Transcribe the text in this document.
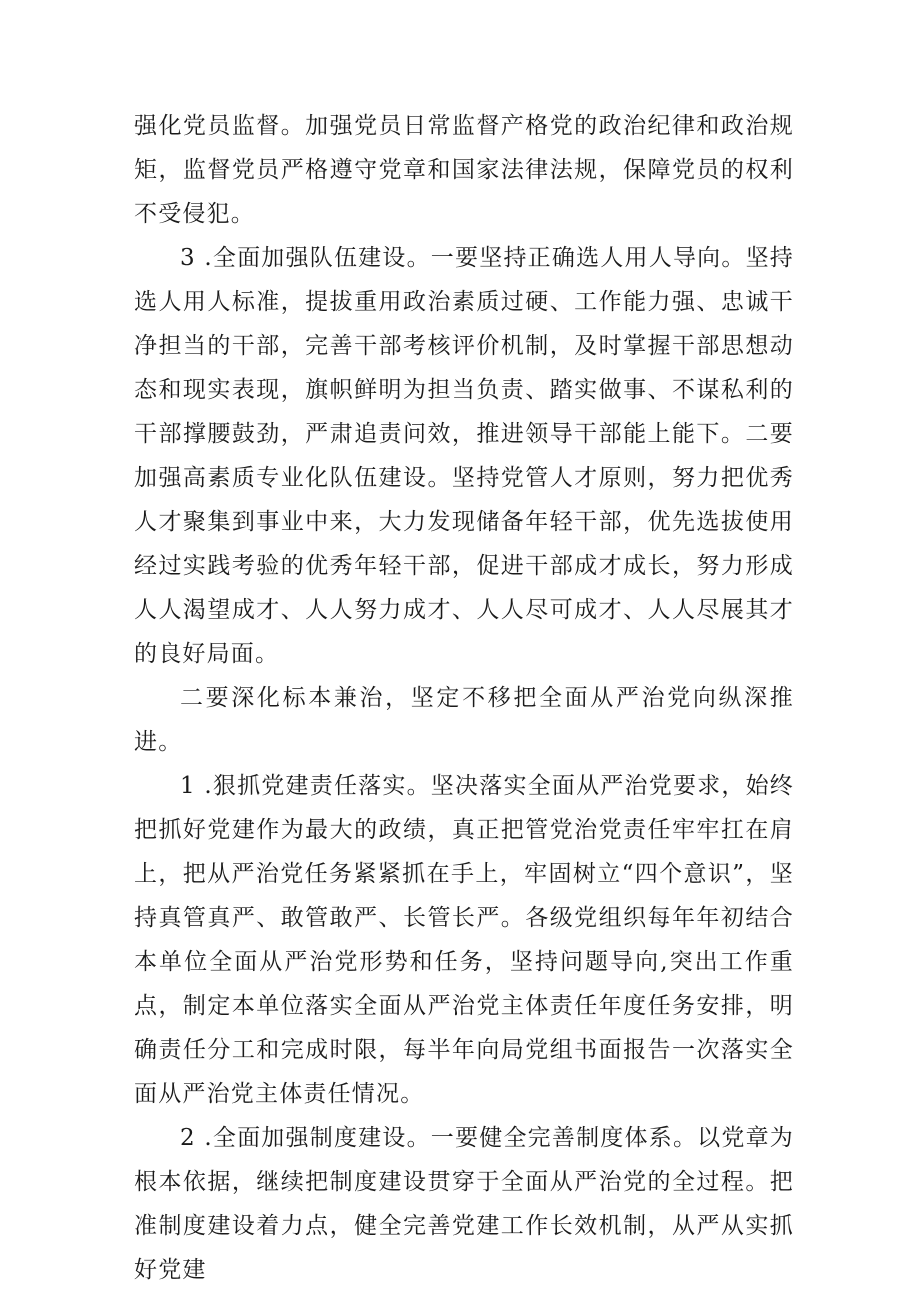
强化党员监督。加强党员日常监督产格党的政治纪律和政治规矩，监督党员严格遵守党章和国家法律法规，保障党员的权利不受侵犯。

3 .全面加强队伍建设。一要坚持正确选人用人导向。坚持选人用人标准，提拔重用政治素质过硬、工作能力强、忠诚干净担当的干部，完善干部考核评价机制，及时掌握干部思想动态和现实表现，旗帜鲜明为担当负责、踏实做事、不谋私利的干部撑腰鼓劲，严肃追责问效，推进领导干部能上能下。二要加强高素质专业化队伍建设。坚持党管人才原则，努力把优秀人才聚集到事业中来，大力发现储备年轻干部，优先选拔使用经过实践考验的优秀年轻干部，促进干部成才成长，努力形成人人渴望成才、人人努力成才、人人尽可成才、人人尽展其才的良好局面。

二要深化标本兼治，坚定不移把全面从严治党向纵深推进。

1 .狠抓党建责任落实。坚决落实全面从严治党要求，始终把抓好党建作为最大的政绩，真正把管党治党责任牢牢扛在肩上，把从严治党任务紧紧抓在手上，牢固树立“四个意识”，坚持真管真严、敢管敢严、长管长严。各级党组织每年年初结合本单位全面从严治党形势和任务，坚持问题导向,突出工作重点，制定本单位落实全面从严治党主体责任年度任务安排，明确责任分工和完成时限，每半年向局党组书面报告一次落实全面从严治党主体责任情况。

2 .全面加强制度建设。一要健全完善制度体系。以党章为根本依据，继续把制度建设贯穿于全面从严治党的全过程。把准制度建设着力点，健全完善党建工作长效机制，从严从实抓好党建
